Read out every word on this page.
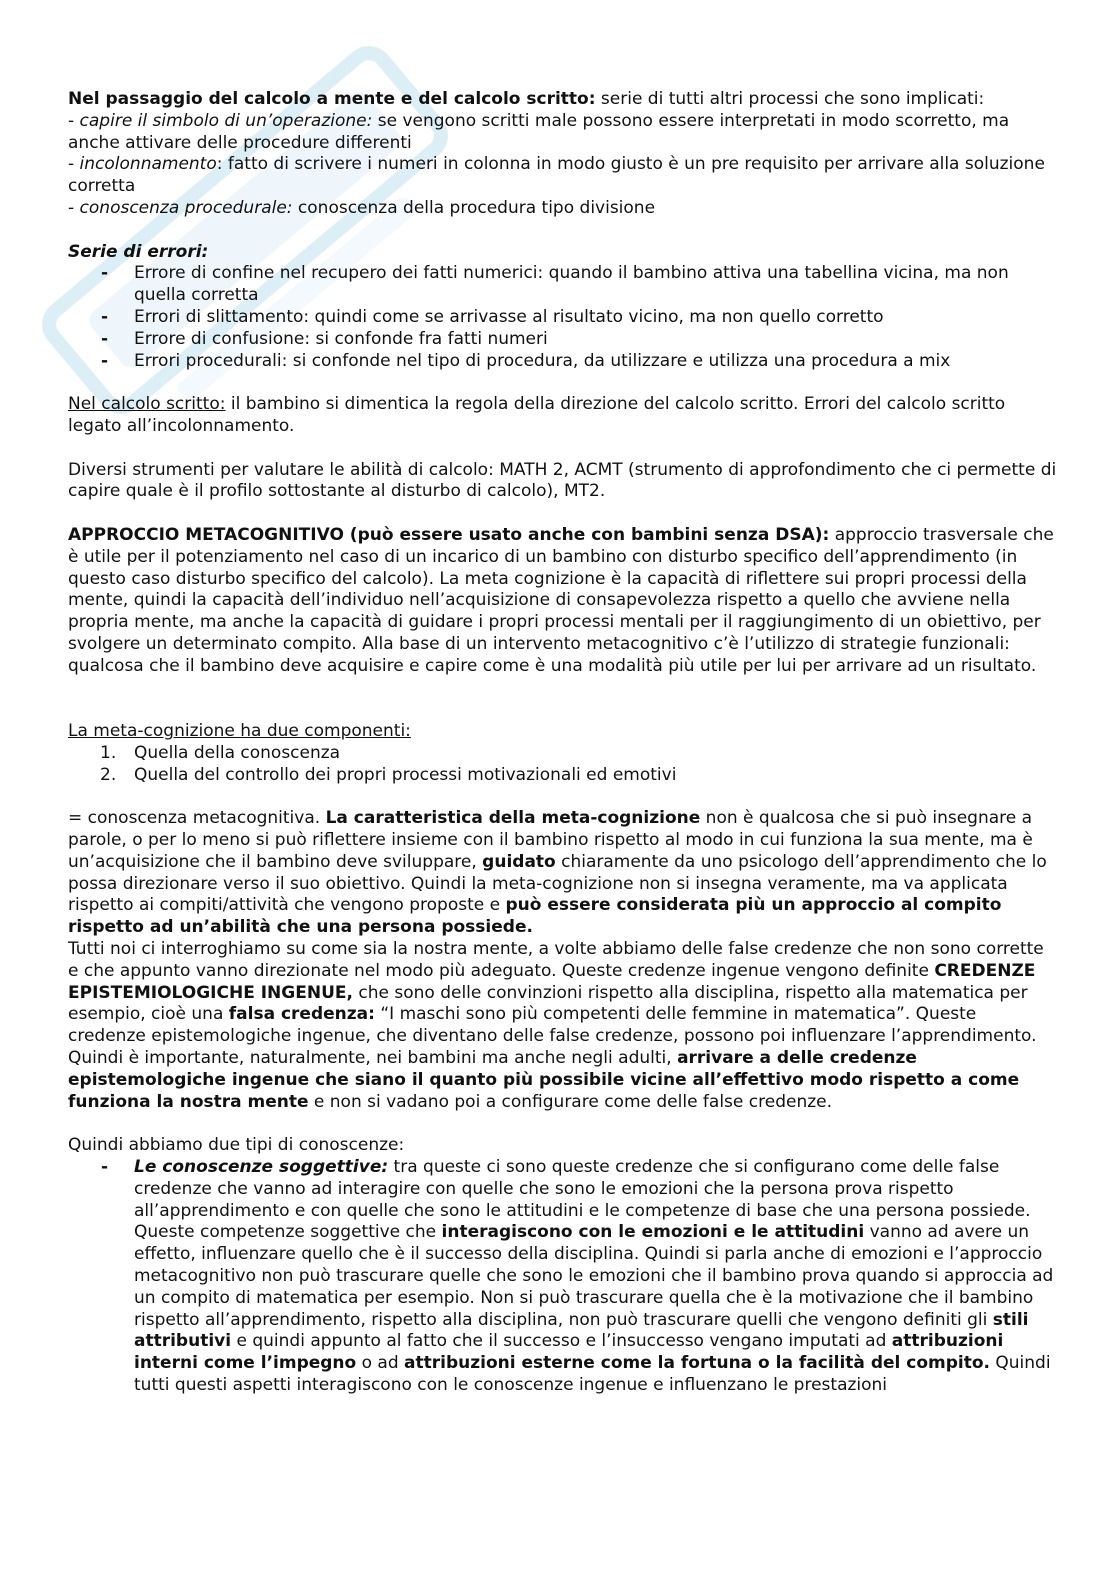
Nel passaggio del calcolo a mente e del calcolo scritto: serie di tutti altri processi che sono implicati:

- capire il simbolo di un’operazione: se vengono scritti male possono essere interpretati in modo scorretto, ma anche attivare delle procedure differenti

- incolonnamento: fatto di scrivere i numeri in colonna in modo giusto è un pre requisito per arrivare alla soluzione corretta

- conoscenza procedurale: conoscenza della procedura tipo divisione

Serie di errori:

- Errore di confine nel recupero dei fatti numerici: quando il bambino attiva una tabellina vicina, ma non quella corretta
- Errori di slittamento: quindi come se arrivasse al risultato vicino, ma non quello corretto
- Errore di confusione: si confonde fra fatti numeri
- Errori procedurali: si confonde nel tipo di procedura, da utilizzare e utilizza una procedura a mix

Nel calcolo scritto: il bambino si dimentica la regola della direzione del calcolo scritto. Errori del calcolo scritto legato all’incolonnamento.

Diversi strumenti per valutare le abilità di calcolo: MATH 2, ACMT (strumento di approfondimento che ci permette di capire quale è il profilo sottostante al disturbo di calcolo), MT2.

APPROCCIO METACOGNITIVO (può essere usato anche con bambini senza DSA): approccio trasversale che è utile per il potenziamento nel caso di un incarico di un bambino con disturbo specifico dell’apprendimento (in questo caso disturbo specifico del calcolo). La meta cognizione è la capacità di riflettere sui propri processi della mente, quindi la capacità dell’individuo nell’acquisizione di consapevolezza rispetto a quello che avviene nella propria mente, ma anche la capacità di guidare i propri processi mentali per il raggiungimento di un obiettivo, per svolgere un determinato compito. Alla base di un intervento metacognitivo c’è l’utilizzo di strategie funzionali: qualcosa che il bambino deve acquisire e capire come è una modalità più utile per lui per arrivare ad un risultato.

La meta-cognizione ha due componenti:

1. Quella della conoscenza
2. Quella del controllo dei propri processi motivazionali ed emotivi

= conoscenza metacognitiva. La caratteristica della meta-cognizione non è qualcosa che si può insegnare a parole, o per lo meno si può riflettere insieme con il bambino rispetto al modo in cui funziona la sua mente, ma è un’acquisizione che il bambino deve sviluppare, guidato chiaramente da uno psicologo dell’apprendimento che lo possa direzionare verso il suo obiettivo. Quindi la meta-cognizione non si insegna veramente, ma va applicata rispetto ai compiti/attività che vengono proposte e può essere considerata più un approccio al compito rispetto ad un’abilità che una persona possiede.

Tutti noi ci interroghiamo su come sia la nostra mente, a volte abbiamo delle false credenze che non sono corrette e che appunto vanno direzionate nel modo più adeguato. Queste credenze ingenue vengono definite CREDENZE EPISTEMIOLOGICHE INGENUE, che sono delle convinzioni rispetto alla disciplina, rispetto alla matematica per esempio, cioè una falsa credenza: “I maschi sono più competenti delle femmine in matematica”. Queste credenze epistemologiche ingenue, che diventano delle false credenze, possono poi influenzare l’apprendimento. Quindi è importante, naturalmente, nei bambini ma anche negli adulti, arrivare a delle credenze epistemologiche ingenue che siano il quanto più possibile vicine all’effettivo modo rispetto a come funziona la nostra mente e non si vadano poi a configurare come delle false credenze.

Quindi abbiamo due tipi di conoscenze:

- Le conoscenze soggettive: tra queste ci sono queste credenze che si configurano come delle false credenze che vanno ad interagire con quelle che sono le emozioni che la persona prova rispetto all’apprendimento e con quelle che sono le attitudini e le competenze di base che una persona possiede. Queste competenze soggettive che interagiscono con le emozioni e le attitudini vanno ad avere un effetto, influenzare quello che è il successo della disciplina. Quindi si parla anche di emozioni e l’approccio metacognitivo non può trascurare quelle che sono le emozioni che il bambino prova quando si approccia ad un compito di matematica per esempio. Non si può trascurare quella che è la motivazione che il bambino rispetto all’apprendimento, rispetto alla disciplina, non può trascurare quelli che vengono definiti gli stili attributivi e quindi appunto al fatto che il successo e l’insuccesso vengano imputati ad attribuzioni interni come l’impegno o ad attribuzioni esterne come la fortuna o la facilità del compito. Quindi tutti questi aspetti interagiscono con le conoscenze ingenue e influenzano le prestazioni
